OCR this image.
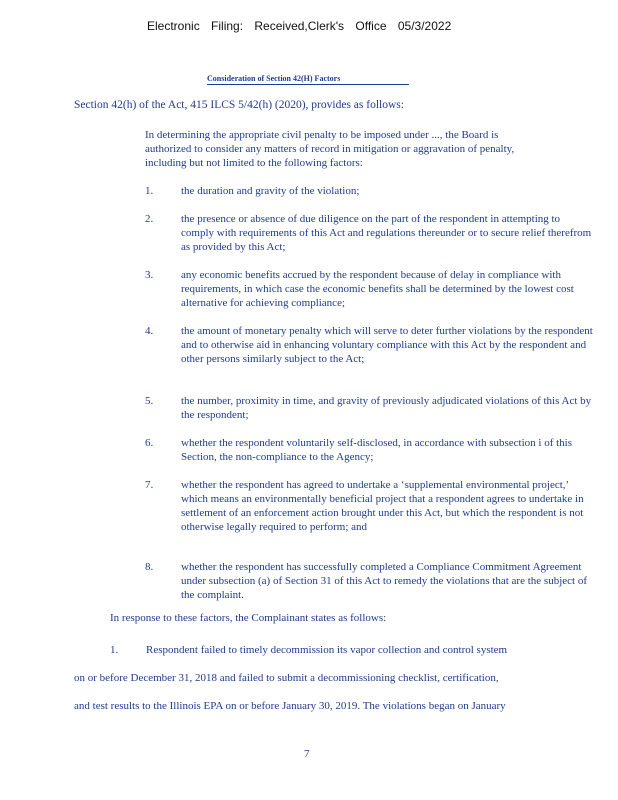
Electronic Filing: Received,Clerk's Office 05/3/2022
Consideration of Section 42(H) Factors
Section 42(h) of the Act, 415 ILCS 5/42(h) (2020), provides as follows:
In determining the appropriate civil penalty to be imposed under ..., the Board is authorized to consider any matters of record in mitigation or aggravation of penalty, including but not limited to the following factors:
1.	the duration and gravity of the violation;
2.	the presence or absence of due diligence on the part of the respondent in attempting to comply with requirements of this Act and regulations thereunder or to secure relief therefrom as provided by this Act;
3.	any economic benefits accrued by the respondent because of delay in compliance with requirements, in which case the economic benefits shall be determined by the lowest cost alternative for achieving compliance;
4.	the amount of monetary penalty which will serve to deter further violations by the respondent and to otherwise aid in enhancing voluntary compliance with this Act by the respondent and other persons similarly subject to the Act;
5.	the number, proximity in time, and gravity of previously adjudicated violations of this Act by the respondent;
6.	whether the respondent voluntarily self-disclosed, in accordance with subsection i of this Section, the non-compliance to the Agency;
7.	whether the respondent has agreed to undertake a ‘supplemental environmental project,’ which means an environmentally beneficial project that a respondent agrees to undertake in settlement of an enforcement action brought under this Act, but which the respondent is not otherwise legally required to perform; and
8.	whether the respondent has successfully completed a Compliance Commitment Agreement under subsection (a) of Section 31 of this Act to remedy the violations that are the subject of the complaint.
In response to these factors, the Complainant states as follows:
1.	Respondent failed to timely decommission its vapor collection and control system
on or before December 31, 2018 and failed to submit a decommissioning checklist, certification,
and test results to the Illinois EPA on or before January 30, 2019. The violations began on January
7
